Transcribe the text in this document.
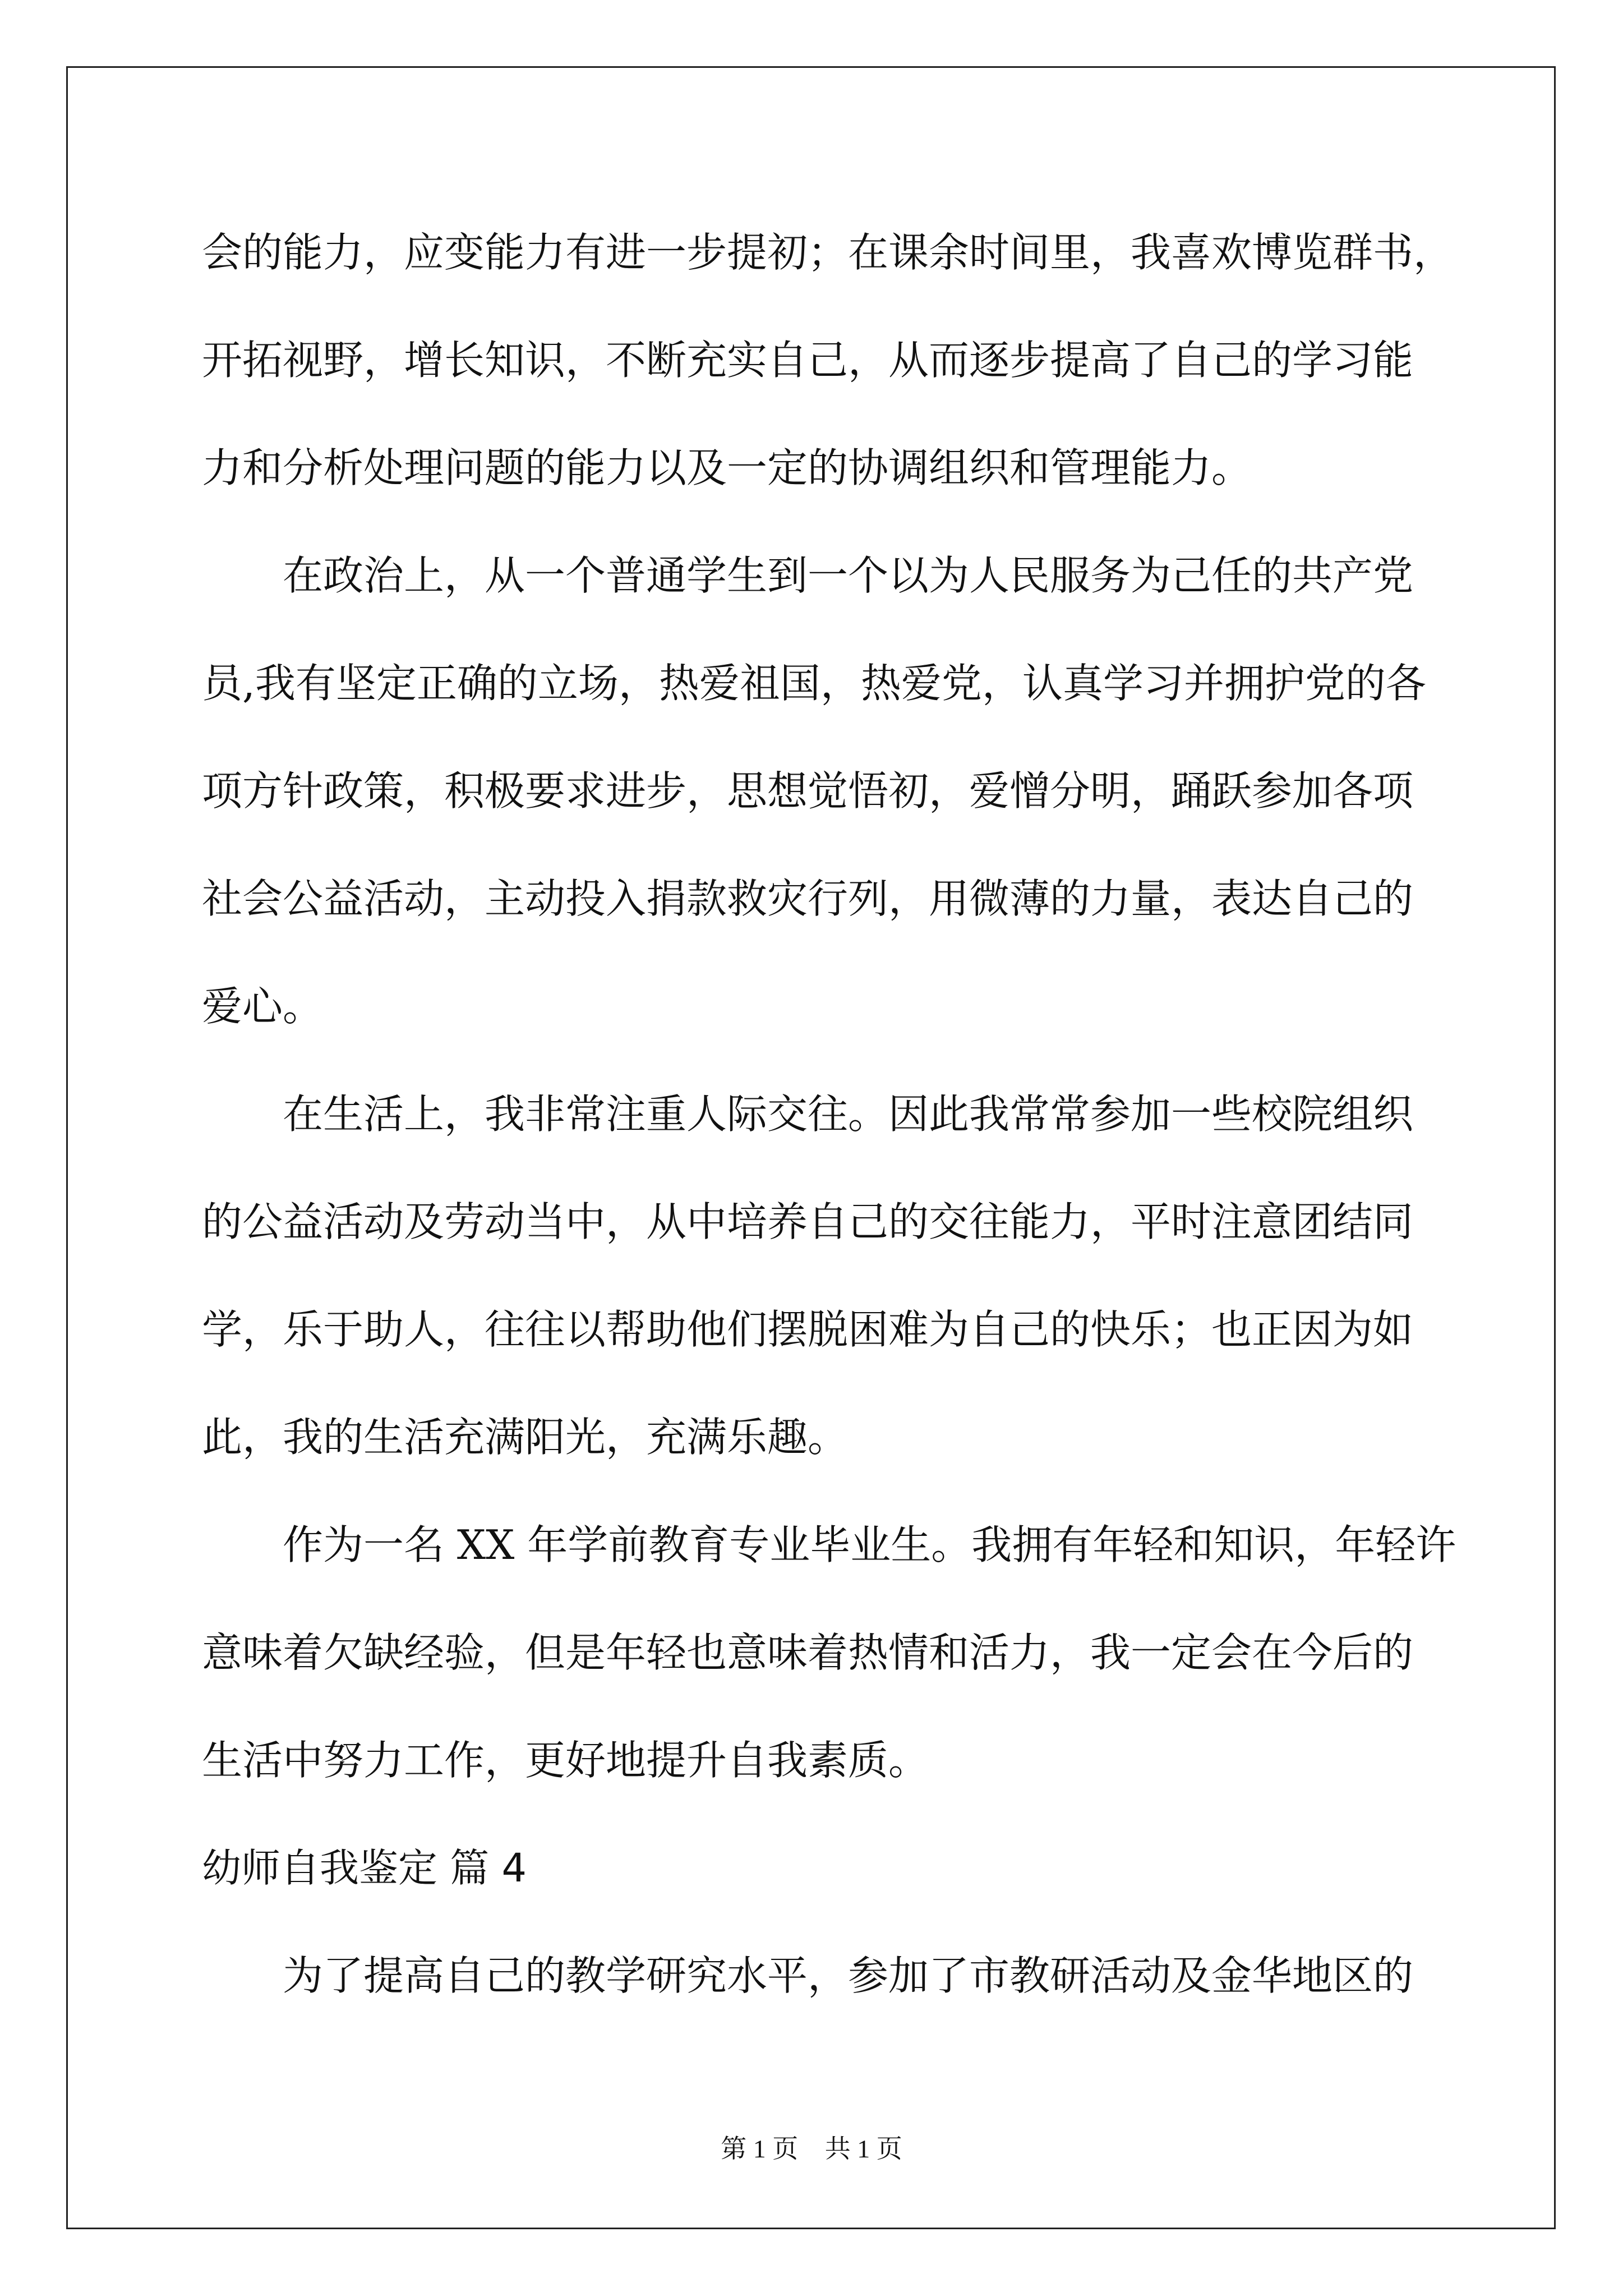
会的能力，应变能力有进一步提初；在课余时间里，我喜欢博览群书，
开拓视野，增长知识，不断充实自己，从而逐步提高了自己的学习能
力和分析处理问题的能力以及一定的协调组织和管理能力。
在政治上，从一个普通学生到一个以为人民服务为己任的共产党
员,我有坚定正确的立场，热爱祖国，热爱党，认真学习并拥护党的各
项方针政策，积极要求进步，思想觉悟初，爱憎分明，踊跃参加各项
社会公益活动，主动投入捐款救灾行列，用微薄的力量，表达自己的
爱心。
在生活上，我非常注重人际交往。因此我常常参加一些校院组织
的公益活动及劳动当中，从中培养自己的交往能力，平时注意团结同
学，乐于助人，往往以帮助他们摆脱困难为自己的快乐；也正因为如
此，我的生活充满阳光，充满乐趣。
作为一名 XX 年学前教育专业毕业生。我拥有年轻和知识，年轻许
意味着欠缺经验，但是年轻也意味着热情和活力，我一定会在今后的
生活中努力工作，更好地提升自我素质。
幼师自我鉴定 篇 4
为了提高自己的教学研究水平，参加了市教研活动及金华地区的
第 1 页 共 1 页
